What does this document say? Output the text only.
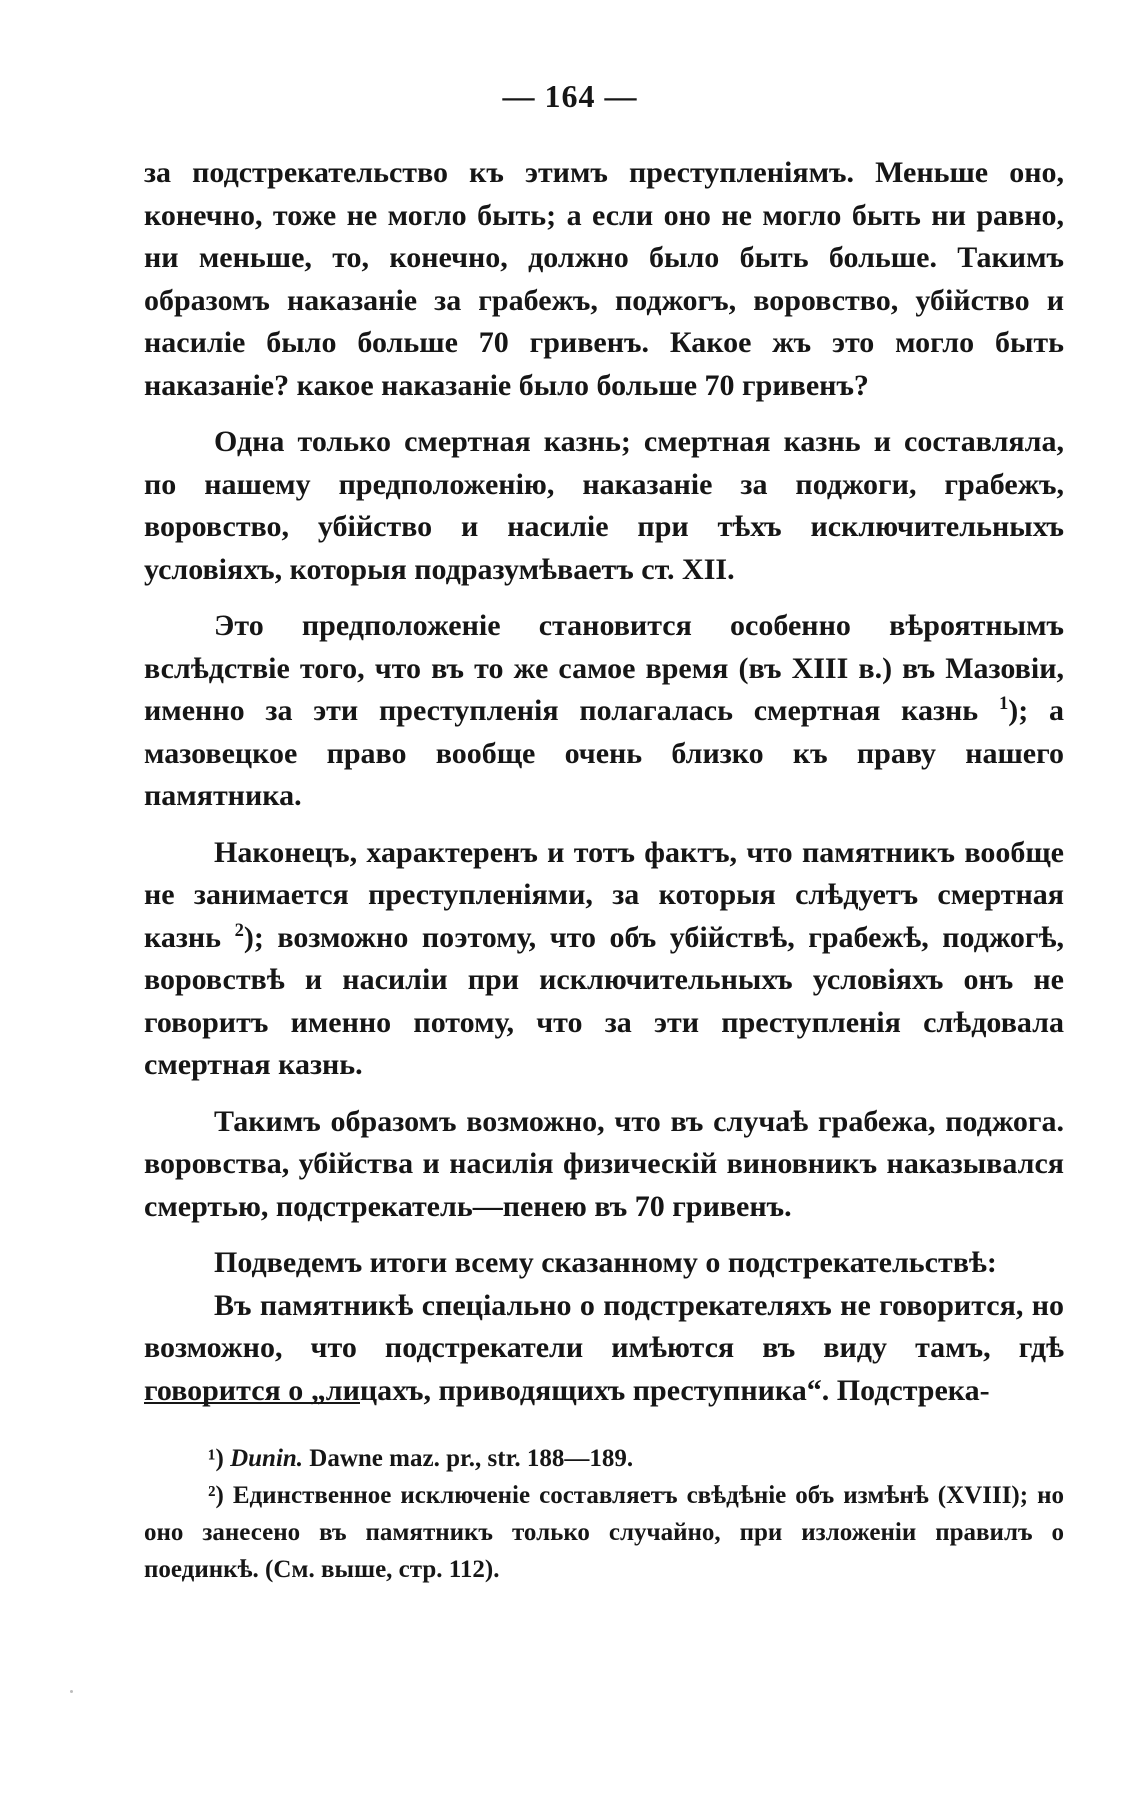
— 164 —

за подстрекательство къ этимъ преступленіямъ. Меньше оно, конечно, тоже не могло быть; а если оно не могло быть ни равно, ни меньше, то, конечно, должно было быть больше. Такимъ образомъ наказаніе за грабежъ, поджогъ, воровство, убійство и насиліе было больше 70 гривенъ. Какое жъ это могло быть наказаніе? какое наказаніе было больше 70 гривенъ?

Одна только смертная казнь; смертная казнь и составляла, по нашему предположенію, наказаніе за поджоги, грабежъ, воровство, убійство и насиліе при тѣхъ исключительныхъ условіяхъ, которыя подразумѣваетъ ст. XII.

Это предположеніе становится особенно вѣроятнымъ вслѣдствіе того, что въ то же самое время (въ XIII в.) въ Мазовіи, именно за эти преступленія полагалась смертная казнь $^1$); а мазовецкое право вообще очень близко къ праву нашего памятника.

Наконецъ, характеренъ и тотъ фактъ, что памятникъ вообще не занимается преступленіями, за которыя слѣдуетъ смертная казнь $^2$); возможно поэтому, что объ убійствѣ, грабежѣ, поджогѣ, воровствѣ и насиліи при исключительныхъ условіяхъ онъ не говоритъ именно потому, что за эти преступленія слѣдовала смертная казнь.

Такимъ образомъ возможно, что въ случаѣ грабежа, поджога. воровства, убійства и насилія физическій виновникъ наказывался смертью, подстрекатель—пенею въ 70 гривенъ.

Подведемъ итоги всему сказанному о подстрекательствѣ:

Въ памятникѣ спеціально о подстрекателяхъ не говорится, но возможно, что подстрекатели имѣются въ виду тамъ, гдѣ говорится о „лицахъ, приводящихъ преступника“. Подстрека-

¹) Dunin. Dawne maz. pr., str. 188—189.

²) Единственное исключеніе составляетъ свѣдѣніе объ измѣнѣ (XVIII); но оно занесено въ памятникъ только случайно, при изложеніи правилъ о поединкѣ. (См. выше, стр. 112).
